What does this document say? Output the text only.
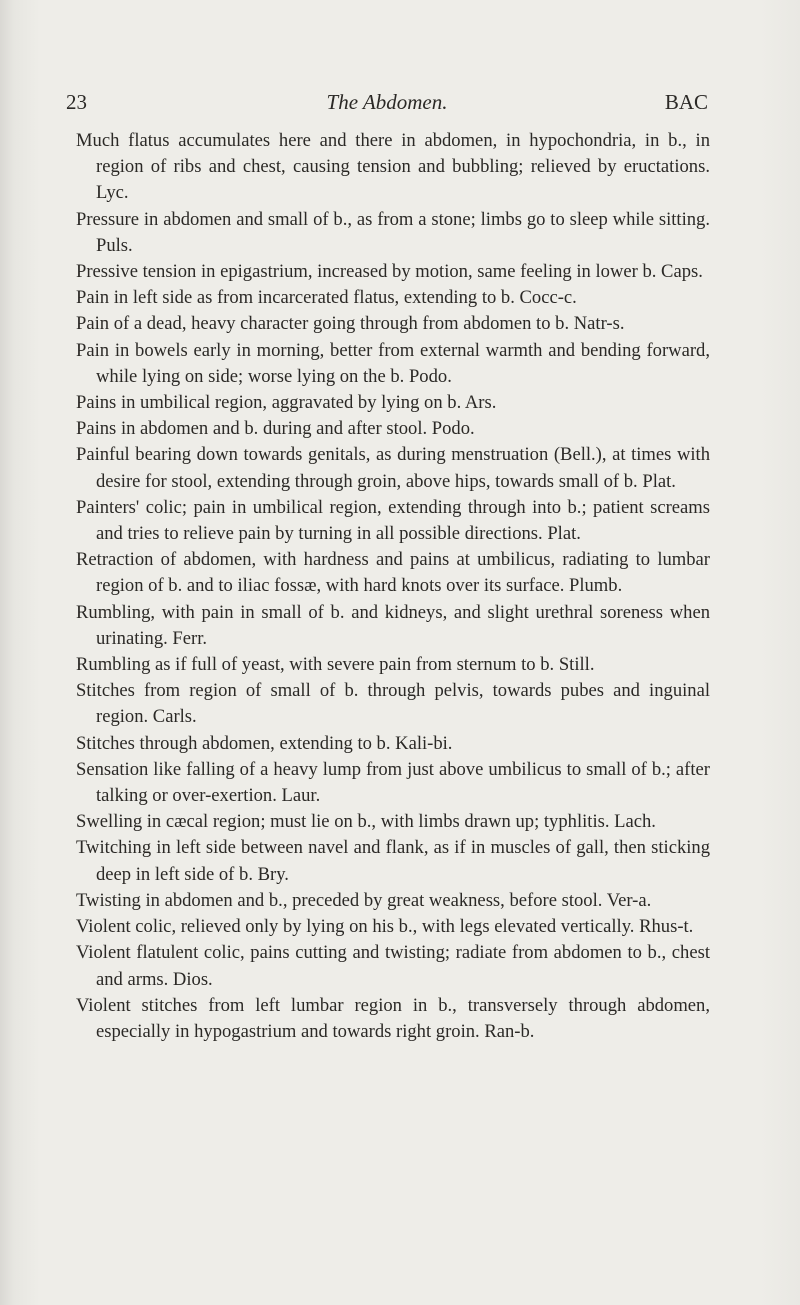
23	The Abdomen.	BAC

Much flatus accumulates here and there in abdomen, in hypochondria, in b., in region of ribs and chest, causing tension and bubbling; relieved by eructations. Lyc.

Pressure in abdomen and small of b., as from a stone; limbs go to sleep while sitting. Puls.

Pressive tension in epigastrium, increased by motion, same feeling in lower b. Caps.

Pain in left side as from incarcerated flatus, extending to b. Cocc-c.

Pain of a dead, heavy character going through from abdomen to b. Natr-s.

Pain in bowels early in morning, better from external warmth and bending forward, while lying on side; worse lying on the b. Podo.

Pains in umbilical region, aggravated by lying on b. Ars.

Pains in abdomen and b. during and after stool. Podo.

Painful bearing down towards genitals, as during menstruation (Bell.), at times with desire for stool, extending through groin, above hips, towards small of b. Plat.

Painters' colic; pain in umbilical region, extending through into b.; patient screams and tries to relieve pain by turning in all possible directions. Plat.

Retraction of abdomen, with hardness and pains at umbilicus, radiating to lumbar region of b. and to iliac fossæ, with hard knots over its surface. Plumb.

Rumbling, with pain in small of b. and kidneys, and slight urethral soreness when urinating. Ferr.

Rumbling as if full of yeast, with severe pain from sternum to b. Still.

Stitches from region of small of b. through pelvis, towards pubes and inguinal region. Carls.

Stitches through abdomen, extending to b. Kali-bi.

Sensation like falling of a heavy lump from just above umbilicus to small of b.; after talking or over-exertion. Laur.

Swelling in cæcal region; must lie on b., with limbs drawn up; typhlitis. Lach.

Twitching in left side between navel and flank, as if in muscles of gall, then sticking deep in left side of b. Bry.

Twisting in abdomen and b., preceded by great weakness, before stool. Ver-a.

Violent colic, relieved only by lying on his b., with legs elevated vertically. Rhus-t.

Violent flatulent colic, pains cutting and twisting; radiate from abdomen to b., chest and arms. Dios.

Violent stitches from left lumbar region in b., transversely through abdomen, especially in hypogastrium and towards right groin. Ran-b.
